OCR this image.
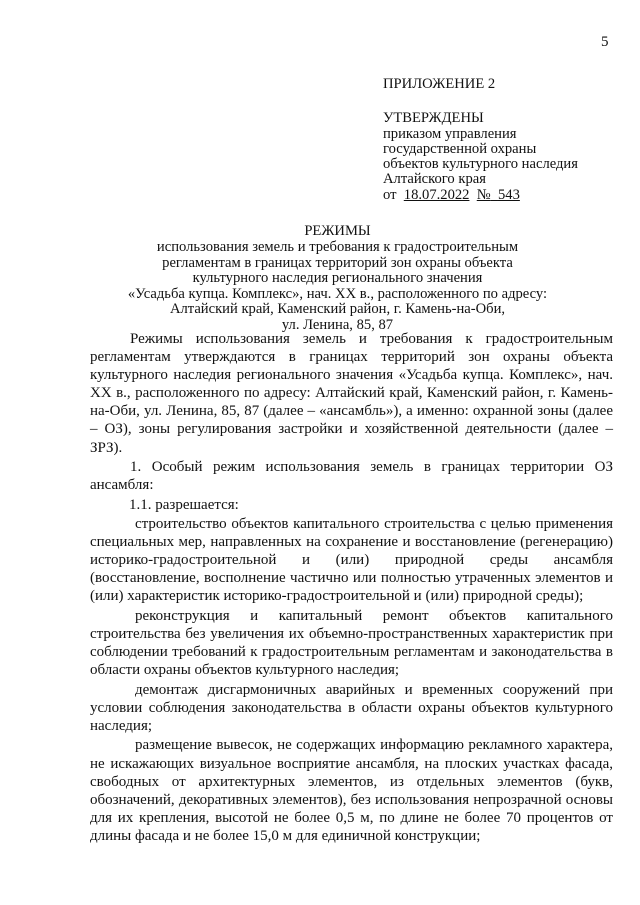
5
ПРИЛОЖЕНИЕ 2
УТВЕРЖДЕНЫ
приказом управления
государственной охраны
объектов культурного наследия
Алтайского края
от 18.07.2022 № 543
РЕЖИМЫ
использования земель и требования к градостроительным
регламентам в границах территорий зон охраны объекта
культурного наследия регионального значения
«Усадьба купца. Комплекс», нач. XX в., расположенного по адресу:
Алтайский край, Каменский район, г. Камень-на-Оби,
ул. Ленина, 85, 87

Режимы использования земель и требования к градостроительным регламентам утверждаются в границах территорий зон охраны объекта культурного наследия регионального значения «Усадьба купца. Комплекс», нач. XX в., расположенного по адресу: Алтайский край, Каменский район, г. Камень-на-Оби, ул. Ленина, 85, 87 (далее – «ансамбль»), а именно: охранной зоны (далее – ОЗ), зоны регулирования застройки и хозяйственной деятельности (далее – ЗРЗ).

1. Особый режим использования земель в границах территории ОЗ ансамбля:

1.1. разрешается:

строительство объектов капитального строительства с целью применения специальных мер, направленных на сохранение и восстановление (регенерацию) историко-градостроительной и (или) природной среды ансамбля (восстановление, восполнение частично или полностью утраченных элементов и (или) характеристик историко-градостроительной и (или) природной среды);

реконструкция и капитальный ремонт объектов капитального строительства без увеличения их объемно-пространственных характеристик при соблюдении требований к градостроительным регламентам и законодательства в области охраны объектов культурного наследия;

демонтаж дисгармоничных аварийных и временных сооружений при условии соблюдения законодательства в области охраны объектов культурного наследия;

размещение вывесок, не содержащих информацию рекламного характера, не искажающих визуальное восприятие ансамбля, на плоских участках фасада, свободных от архитектурных элементов, из отдельных элементов (букв, обозначений, декоративных элементов), без использования непрозрачной основы для их крепления, высотой не более 0,5 м, по длине не более 70 процентов от длины фасада и не более 15,0 м для единичной конструкции;
